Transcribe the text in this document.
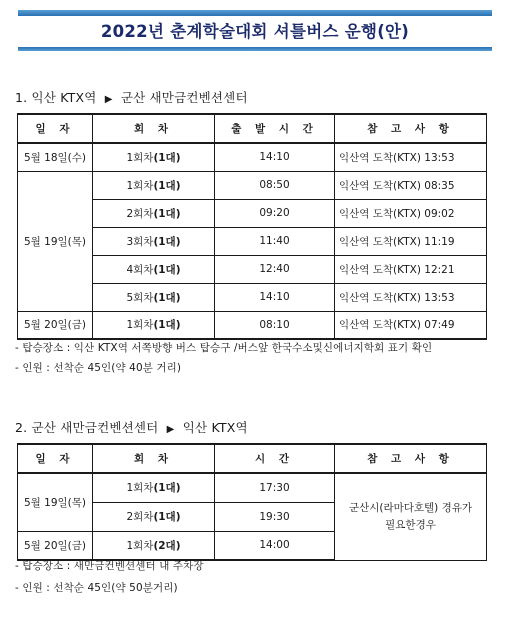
2022년 춘계학술대회 셔틀버스 운행(안)
1. 익산 KTX역 ▶ 군산 새만금컨벤션센터
일 자	회 차	출 발 시 간	참 고 사 항
5월 18일(수)	1회차(1대)	14:10	익산역 도착(KTX) 13:53
5월 19일(목)	1회차(1대)	08:50	익산역 도착(KTX) 08:35
	2회차(1대)	09:20	익산역 도착(KTX) 09:02
	3회차(1대)	11:40	익산역 도착(KTX) 11:19
	4회차(1대)	12:40	익산역 도착(KTX) 12:21
	5회차(1대)	14:10	익산역 도착(KTX) 13:53
5월 20일(금)	1회차(1대)	08:10	익산역 도착(KTX) 07:49
- 탑승장소 : 익산 KTX역 서쪽방향 버스 탑승구 /버스앞 한국수소및신에너지학회 표기 확인
- 인원 : 선착순 45인(약 40분 거리)
2. 군산 새만금컨벤션센터 ▶ 익산 KTX역
일 자	회 차	시 간	참 고 사 항
5월 19일(목)	1회차(1대)	17:30	군산시(라마다호텔) 경유가
필요한경우

	2회차(1대)	19:30	
5월 20일(금)	1회차(2대)	14:00	
- 탑승장소 : 새만금컨벤션센터 내 주차장
- 인원 : 선착순 45인(약 50분거리)
